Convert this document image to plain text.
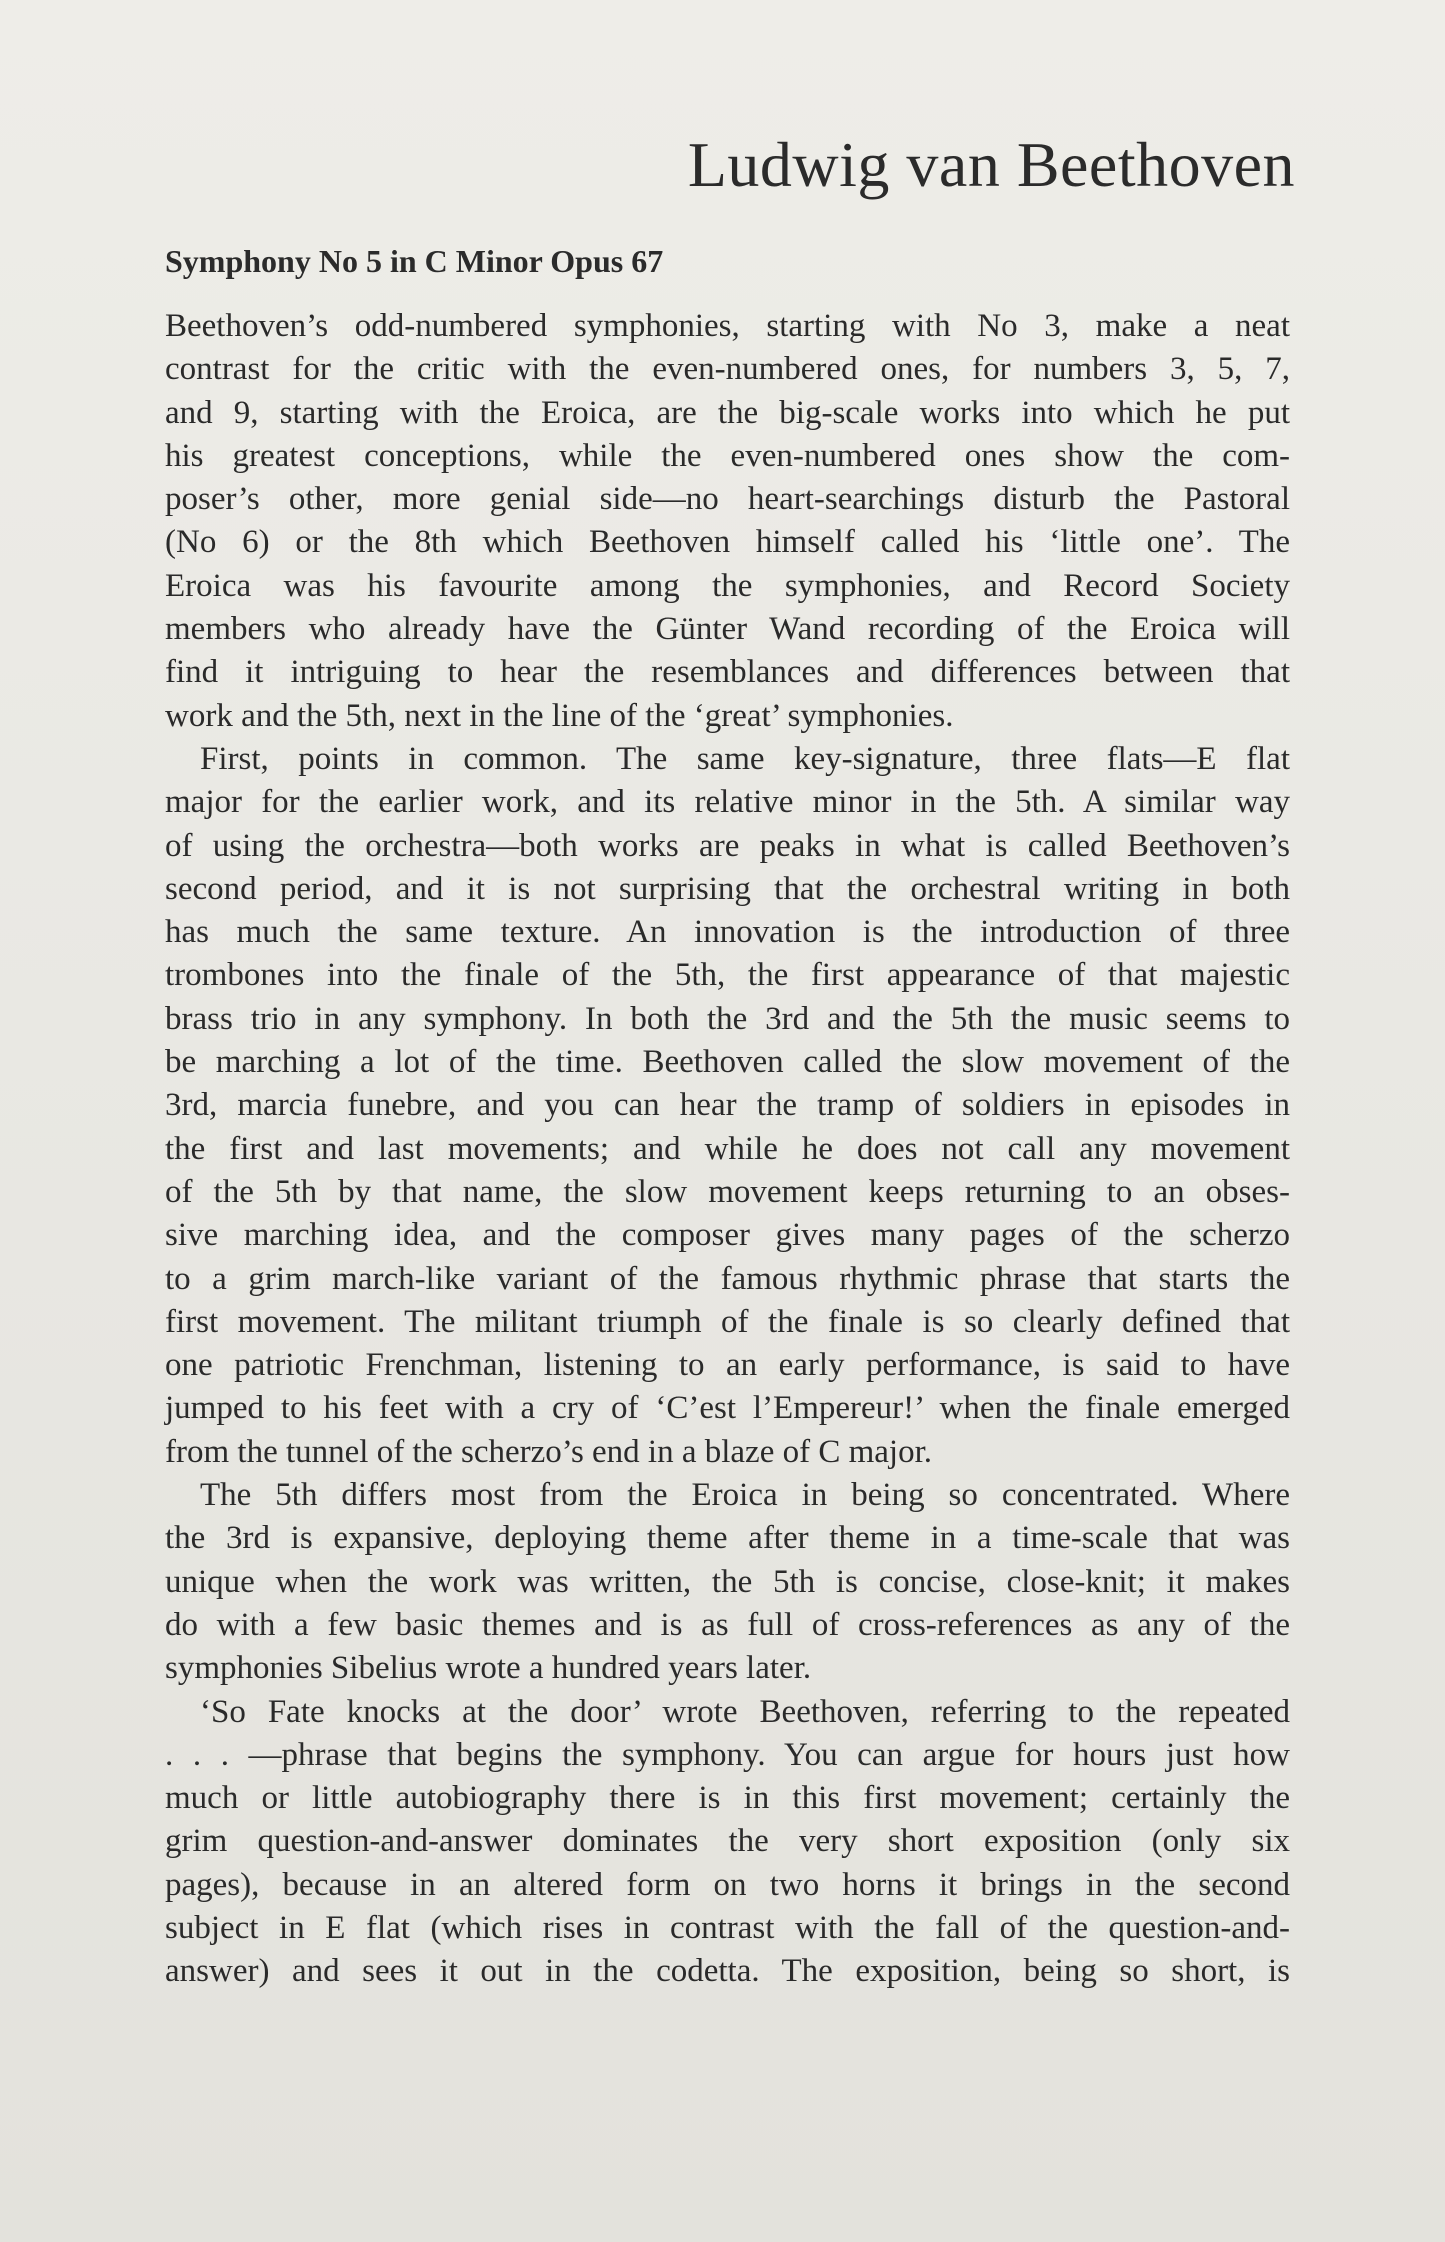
Ludwig van Beethoven
Symphony No 5 in C Minor Opus 67
Beethoven’s odd-numbered symphonies, starting with No 3, make a neat
contrast for the critic with the even-numbered ones, for numbers 3, 5, 7,
and 9, starting with the Eroica, are the big-scale works into which he put
his greatest conceptions, while the even-numbered ones show the com-
poser’s other, more genial side—no heart-searchings disturb the Pastoral
(No 6) or the 8th which Beethoven himself called his ‘little one’. The
Eroica was his favourite among the symphonies, and Record Society
members who already have the Günter Wand recording of the Eroica will
find it intriguing to hear the resemblances and differences between that
work and the 5th, next in the line of the ‘great’ symphonies.
First, points in common. The same key-signature, three flats—E flat
major for the earlier work, and its relative minor in the 5th. A similar way
of using the orchestra—both works are peaks in what is called Beethoven’s
second period, and it is not surprising that the orchestral writing in both
has much the same texture. An innovation is the introduction of three
trombones into the finale of the 5th, the first appearance of that majestic
brass trio in any symphony. In both the 3rd and the 5th the music seems to
be marching a lot of the time. Beethoven called the slow movement of the
3rd, marcia funebre, and you can hear the tramp of soldiers in episodes in
the first and last movements; and while he does not call any movement
of the 5th by that name, the slow movement keeps returning to an obses-
sive marching idea, and the composer gives many pages of the scherzo
to a grim march-like variant of the famous rhythmic phrase that starts the
first movement. The militant triumph of the finale is so clearly defined that
one patriotic Frenchman, listening to an early performance, is said to have
jumped to his feet with a cry of ‘C’est l’Empereur!’ when the finale emerged
from the tunnel of the scherzo’s end in a blaze of C major.
The 5th differs most from the Eroica in being so concentrated. Where
the 3rd is expansive, deploying theme after theme in a time-scale that was
unique when the work was written, the 5th is concise, close-knit; it makes
do with a few basic themes and is as full of cross-references as any of the
symphonies Sibelius wrote a hundred years later.
‘So Fate knocks at the door’ wrote Beethoven, referring to the repeated
. . . —phrase that begins the symphony. You can argue for hours just how
much or little autobiography there is in this first movement; certainly the
grim question-and-answer dominates the very short exposition (only six
pages), because in an altered form on two horns it brings in the second
subject in E flat (which rises in contrast with the fall of the question-and-
answer) and sees it out in the codetta. The exposition, being so short, is
